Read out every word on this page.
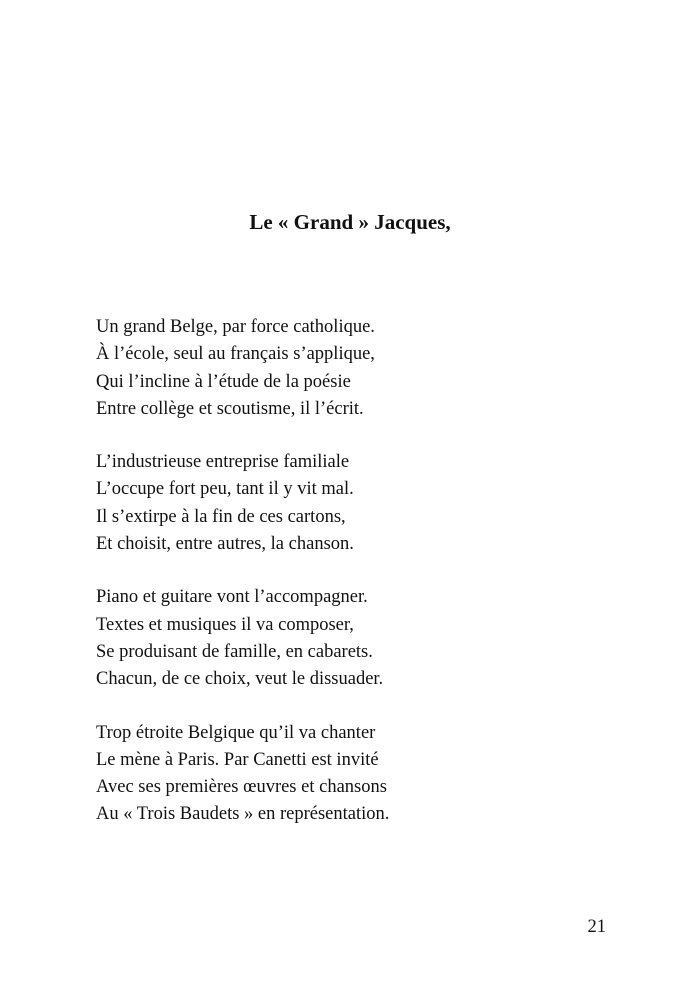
Le « Grand » Jacques,
Un grand Belge, par force catholique.
À l’école, seul au français s’applique,
Qui l’incline à l’étude de la poésie
Entre collège et scoutisme, il l’écrit.
L’industrieuse entreprise familiale
L’occupe fort peu, tant il y vit mal.
Il s’extirpe à la fin de ces cartons,
Et choisit, entre autres, la chanson.
Piano et guitare vont l’accompagner.
Textes et musiques il va composer,
Se produisant de famille, en cabarets.
Chacun, de ce choix, veut le dissuader.
Trop étroite Belgique qu’il va chanter
Le mène à Paris. Par Canetti est invité
Avec ses premières œuvres et chansons
Au « Trois Baudets » en représentation.
21
